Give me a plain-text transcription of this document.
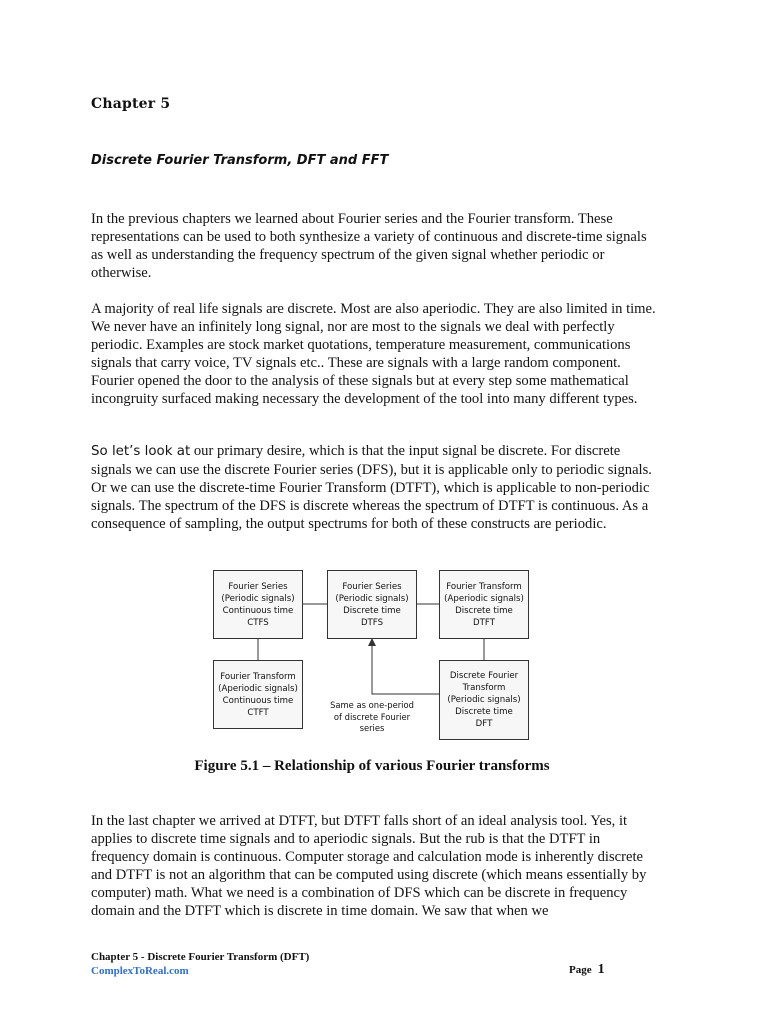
Chapter 5
Discrete Fourier Transform, DFT and FFT

In the previous chapters we learned about Fourier series and the Fourier transform. These representations can be used to both synthesize a variety of continuous and discrete-time signals as well as understanding the frequency spectrum of the given signal whether periodic or otherwise.

A majority of real life signals are discrete. Most are also aperiodic. They are also limited in time. We never have an infinitely long signal, nor are most to the signals we deal with perfectly periodic. Examples are stock market quotations, temperature measurement, communications signals that carry voice, TV signals etc.. These are signals with a large random component. Fourier opened the door to the analysis of these signals but at every step some mathematical incongruity surfaced making necessary the development of the tool into many different types.

So let’s look at our primary desire, which is that the input signal be discrete. For discrete signals we can use the discrete Fourier series (DFS), but it is applicable only to periodic signals. Or we can use the discrete-time Fourier Transform (DTFT), which is applicable to non-periodic signals. The spectrum of the DFS is discrete whereas the spectrum of DTFT is continuous. As a consequence of sampling, the output spectrums for both of these constructs are periodic.

Fourier Series
(Periodic signals)
Continuous time
CTFS
Fourier Series
(Periodic signals)
Discrete time
DTFS
Fourier Transform
(Aperiodic signals)
Discrete time
DTFT
Fourier Transform
(Aperiodic signals)
Continuous time
CTFT
Discrete Fourier
Transform
(Periodic signals)
Discrete time
DFT
Same as one-period
of discrete Fourier
series
Figure 5.1 – Relationship of various Fourier transforms

In the last chapter we arrived at DTFT, but DTFT falls short of an ideal analysis tool. Yes, it applies to discrete time signals and to aperiodic signals. But the rub is that the DTFT in frequency domain is continuous. Computer storage and calculation mode is inherently discrete and DTFT is not an algorithm that can be computed using discrete (which means essentially by computer) math. What we need is a combination of DFS which can be discrete in frequency domain and the DTFT which is discrete in time domain. We saw that when we

Chapter 5 - Discrete Fourier Transform (DFT)
ComplexToReal.com	Page 1
